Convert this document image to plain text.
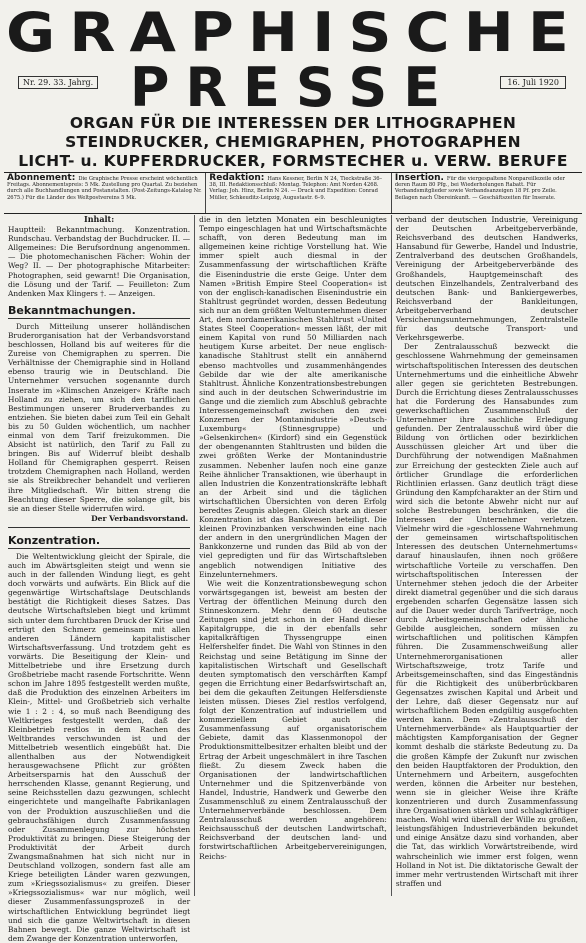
GRAPHISCHE
Nr. 29. 33. Jahrg. PRESSE	16. Juli 1920
ORGAN FÜR DIE INTERESSEN DER LITHOGRAPHEN
STEINDRUCKER, CHEMIGRAPHEN, PHOTOGRAPHEN
LICHT- u. KUPFERDRUCKER, FORMSTECHER u. VERW. BERUFE
Abonnement: Die Graphische Presse erscheint wöchentlich Freitags. Abonnementspreis: 5 Mk. Zustellung pro Quartal. Zu beziehen durch alle Buchhandlungen und Postanstalten. (Post-Zeitungs-Katalog Nr. 2675.) Für die Länder des Weltpostvereins 5 Mk.
Redaktion: Hans Kessner, Berlin N 24, Tieckstraße 36–38, III. Redaktionsschluß: Montag. Telephon: Amt Norden 4268. Verlag: Joh. Hinz, Berlin N 24. — Druck und Expedition: Conrad Müller, Schkeuditz-Leipzig, Augustastr. 6–9.
Insertion. Für die viergespaltene Nonpareillezeile oder deren Raum 80 Pfg., bei Wiederholungen Rabatt. Für Verbandsmitglieder sowie Verbandsanzeigen 18 Pf. pro Zeile. Beilagen nach Übereinkunft. — Geschäftszeiten für Inserate.
Inhalt:

Hauptteil: Bekanntmachung. Konzentration. Rundschau. Verbandstag der Buchdrucker. II. — Allgemeines: Die Berufsordnung angenommen. — Die photomechanischen Fächer: Wohin der Weg? II. — Der photographische Mitarbeiter: Photographen, seid gewarnt! Die Organisation, die Lösung und der Tarif. — Feuilleton: Zum Andenken Max Klingers †. — Anzeigen.

Bekanntmachungen.

Durch Mitteilung unserer holländischen Bruderorganisation hat der Verbandsvorstand beschlossen, Holland bis auf weiteres für die Zureise von Chemigraphen zu sperren. Die Verhältnisse der Chemigraphie sind in Holland ebenso traurig wie in Deutschland. Die Unternehmer versuchen sogenannte durch Inserate im »Klimschen Anzeiger« Kräfte nach Holland zu ziehen, um sich den tariflichen Bestimmungen unserer Bruderverbandes zu entziehen. Sie bieten dabei zum Teil ein Gehalt bis zu 50 Gulden wöchentlich, um nachher einmal von dem Tarif freizukommen. Die Absicht ist natürlich, den Tarif zu Fall zu bringen. Bis auf Widerruf bleibt deshalb Holland für Chemigraphen gesperrt. Reisen trotzdem Chemigraphen nach Holland, werden sie als Streikbrecher behandelt und verlieren ihre Mitgliedschaft. Wir bitten streng die Beachtung dieser Sperre, die solange gilt, bis sie an dieser Stelle widerrufen wird.

Der Verbandsvorstand.
Konzentration.

Die Weltentwicklung gleicht der Spirale, die auch im Abwärtsgleiten steigt und wenn sie auch in der fallenden Windung liegt, es geht doch vorwärts und aufwärts. Ein Blick auf die gegenwärtige Wirtschaftslage Deutschlands bestätigt die Richtigkeit dieses Satzes. Das deutsche Wirtschaftsleben biegt und krümmt sich unter dem furchtbaren Druck der Krise und ertrügt den Schmerz gemeinsam mit allen anderen Ländern kapitalistischer Wirtschaftsverfassung. Und trotzdem geht es vorwärts. Die Beseitigung der Klein- und Mittelbetriebe und ihre Ersetzung durch Großbetriebe macht rasende Fortschritte. Wenn schon im Jahre 1895 festgestellt werden mußte, daß die Produktion des einzelnen Arbeiters im Klein-, Mittel- und Großbetrieb sich verhalte wie 1 : 2 : 4, so muß nach Beendigung des Weltkrieges festgestellt werden, daß der Kleinbetrieb restlos in dem Rachen des Weltbrandes verschwunden ist und der Mittelbetrieb wesentlich eingebüßt hat. Die allenthalben aus der Notwendigkeit herausgewachsene Pflicht zur größten Arbeitsersparnis hat den Ausschuß der herrschenden Klasse, genannt Regierung, und seine Reichsstellen dazu gezwungen, schlecht eingerichtete und mangelhafte Fabrikanlagen von der Produktion auszuschließen und die gebrauchsfähigen durch Zusammenfassung oder Zusammenlegung zur höchsten Produktivität zu bringen. Diese Steigerung der Produktivität der Arbeit durch Zwangsmaßnahmen hat sich nicht nur in Deutschland vollzogen, sondern fast alle am Kriege beteiligten Länder waren gezwungen, zum »Kriegssozialismus« zu greifen. Dieser »Kriegssozialismus« war nur möglich, weil dieser Zusammenfassungsprozeß in der wirtschaftlichen Entwicklung begründet liegt und sich die ganze Weltwirtschaft in diesen Bahnen bewegt. Die ganze Weltwirtschaft ist dem Zwange der Konzentration unterworfen,

die in den letzten Monaten ein beschleunigtes Tempo eingeschlagen hat und Wirtschaftsmächte schafft, von deren Bedeutung man im allgemeinen keine richtige Vorstellung hat. Wie immer spielt auch diesmal in der Zusammenfassung der wirtschaftlichen Kräfte die Eisenindustrie die erste Geige. Unter dem Namen »British Empire Steel Cooperation« ist von der englisch-kanadischen Eisenindustrie ein Stahltrust gegründet worden, dessen Bedeutung sich nur an dem größten Weltunternehmen dieser Art, dem nordamerikanischen Stahltrust »United States Steel Cooperation« messen läßt, der mit einem Kapital von rund 50 Milliarden nach heutigem Kurse arbeitet. Der neue englisch-kanadische Stahltrust stellt ein annähernd ebenso machtvolles und zusammenhängendes Gebilde dar wie der alte amerikanische Stahltrust. Ähnliche Konzentrationsbestrebungen sind auch in der deutschen Schwerindustrie im Gange und die ziemlich zum Abschluß gebrachte Interessengemeinschaft zwischen den zwei Konzernen der Montanindustrie »Deutsch-Luxemburg« (Stinnesgruppe) und »Gelsenkirchen« (Kirdorf) sind ein Gegenstück der obengenannten Stahltrusten und bilden die zwei größten Werke der Montanindustrie zusammen. Nebenher laufen noch eine ganze Reihe ähnlicher Transaktionen, wie überhaupt in allen Industrien die Konzentrationskräfte lebhaft an der Arbeit sind und die täglichen wirtschaftlichen Übersichten von deren Erfolg beredtes Zeugnis ablegen. Gleich stark an dieser Konzentration ist das Bankwesen beteiligt. Die kleinen Provinzbanken verschwinden eine nach der andern in den unergründlichen Magen der Bankkonzerne und runden das Bild ab von der viel gepredigten und für das Wirtschaftsleben angeblich notwendigen Initiative des Einzelunternehmers.

Wie weit die Konzentrationsbewegung schon vorwärtsgegangen ist, beweist am besten der Vertrag der öffentlichen Meinung durch den Stinneskonzern. Mehr denn 60 deutsche Zeitungen sind jetzt schon in der Hand dieser Kapitalgruppe, die in der ebenfalls sehr kapitalkräftigen Thyssengruppe einen Helfershelfer findet. Die Wahl von Stinnes in den Reichstag und seine Betätigung im Sinne der kapitalistischen Wirtschaft und Gesellschaft deuten symptomatisch den verschärften Kampf gegen die Errichtung einer Bedarfswirtschaft an, bei dem die gekauften Zeitungen Helfersdienste leisten müssen. Dieses Ziel restlos verfolgend, folgt der Konzentration auf industriellem und kommerziellem Gebiet auch die Zusammenfassung auf organisatorischem Gebiete, damit das Klassenmonopol der Produktionsmittelbesitzer erhalten bleibt und der Ertrag der Arbeit ungeschmälert in ihre Taschen fließt. Zu diesem Zweck haben die Organisationen der landwirtschaftlichen Unternehmer und die Spitzenverbände von Handel, Industrie, Handwerk und Gewerbe den Zusammenschluß zu einem Zentralausschuß der Unternehmerverbände beschlossen. Dem Zentralausschuß werden angehören: Reichsausschuß der deutschen Landwirtschaft, Reichsverband der deutschen land- und forstwirtschaftlichen Arbeitgebervereinigungen, Reichs-

verband der deutschen Industrie, Vereinigung der Deutschen Arbeitgeberverbände, Reichsverband des deutschen Handwerks, Hansabund für Gewerbe, Handel und Industrie, Zentralverband des deutschen Großhandels, Vereinigung der Arbeitgeberverbände des Großhandels, Hauptgemeinschaft des deutschen Einzelhandels, Zentralverband des deutschen Bank- und Bankiergewerbes, Reichsverband der Bankleitungen, Arbeitgeberverband deutscher Versicherungsunternehmungen, Zentralstelle für das deutsche Transport- und Verkehrsgewerbe.

Der Zentralausschuß bezweckt die geschlossene Wahrnehmung der gemeinsamen wirtschaftspolitischen Interessen des deutschen Unternehmertums und die einheitliche Abwehr aller gegen sie gerichteten Bestrebungen. Durch die Errichtung dieses Zentralausschusses hat die Forderung des Hansabundes zum gewerkschaftlichen Zusammenschluß der Unternehmer ihre sachliche Erledigung gefunden. Der Zentralausschuß wird über die Bildung von örtlichen oder bezirklichen Ausschüssen gleicher Art und über die Durchführung der notwendigen Maßnahmen zur Erreichung der gesteckten Ziele auch auf örtlicher Grundlage die erforderlichen Richtlinien erlassen. Ganz deutlich trägt diese Gründung den Kampfcharakter an der Stirn und wird sich die betonte Abwehr nicht nur auf solche Bestrebungen beschränken, die die Interessen der Unternehmer verletzen. Vielmehr wird die »geschlossene Wahrnehmung der gemeinsamen wirtschaftspolitischen Interessen des deutschen Unternehmertums« darauf hinauslaufen, ihnen noch größere wirtschaftliche Vorteile zu verschaffen. Den wirtschaftspolitischen Interessen der Unternehmer stehen jedoch die der Arbeiter direkt diametral gegenüber und die sich daraus ergebenden scharfen Gegensätze lassen sich auf die Dauer weder durch Tarifverträge, noch durch Arbeitsgemeinschaften oder ähnliche Gebilde ausgleichen, sondern müssen zu wirtschaftlichen und politischen Kämpfen führen. Die Zusammenschweißung aller Unternehmerorganisationen aller Wirtschaftszweige, trotz Tarife und Arbeitsgemeinschaften, sind das Eingeständnis für die Richtigkeit des unüberbrückbaren Gegensatzes zwischen Kapital und Arbeit und der Lehre, daß dieser Gegensatz nur auf wirtschaftlichem Boden endgültig ausgefochten werden kann. Dem »Zentralausschuß der Unternehmerverbände« als Hauptquartier der mächtigsten Kampforganisation der Gegner kommt deshalb die stärkste Bedeutung zu. Da die großen Kämpfe der Zukunft nur zwischen den beiden Hauptfaktoren der Produktion, den Unternehmern und Arbeitern, ausgefochten werden, können die Arbeiter nur bestehen, wenn sie in gleicher Weise ihre Kräfte konzentrieren und durch Zusammenfassung ihre Organisationen stärken und schlagkräftiger machen. Wohl wird überall der Wille zu großen, leistungsfähigen Industrieverbänden bekundet und einige Ansätze dazu sind vorhanden, aber die Tat, das wirklich Vorwärtstreibende, wird wahrscheinlich wie immer erst folgen, wenn Holland in Not ist. Die diktatorische Gewalt der immer mehr vertrustenden Wirtschaft mit ihrer straffen und
